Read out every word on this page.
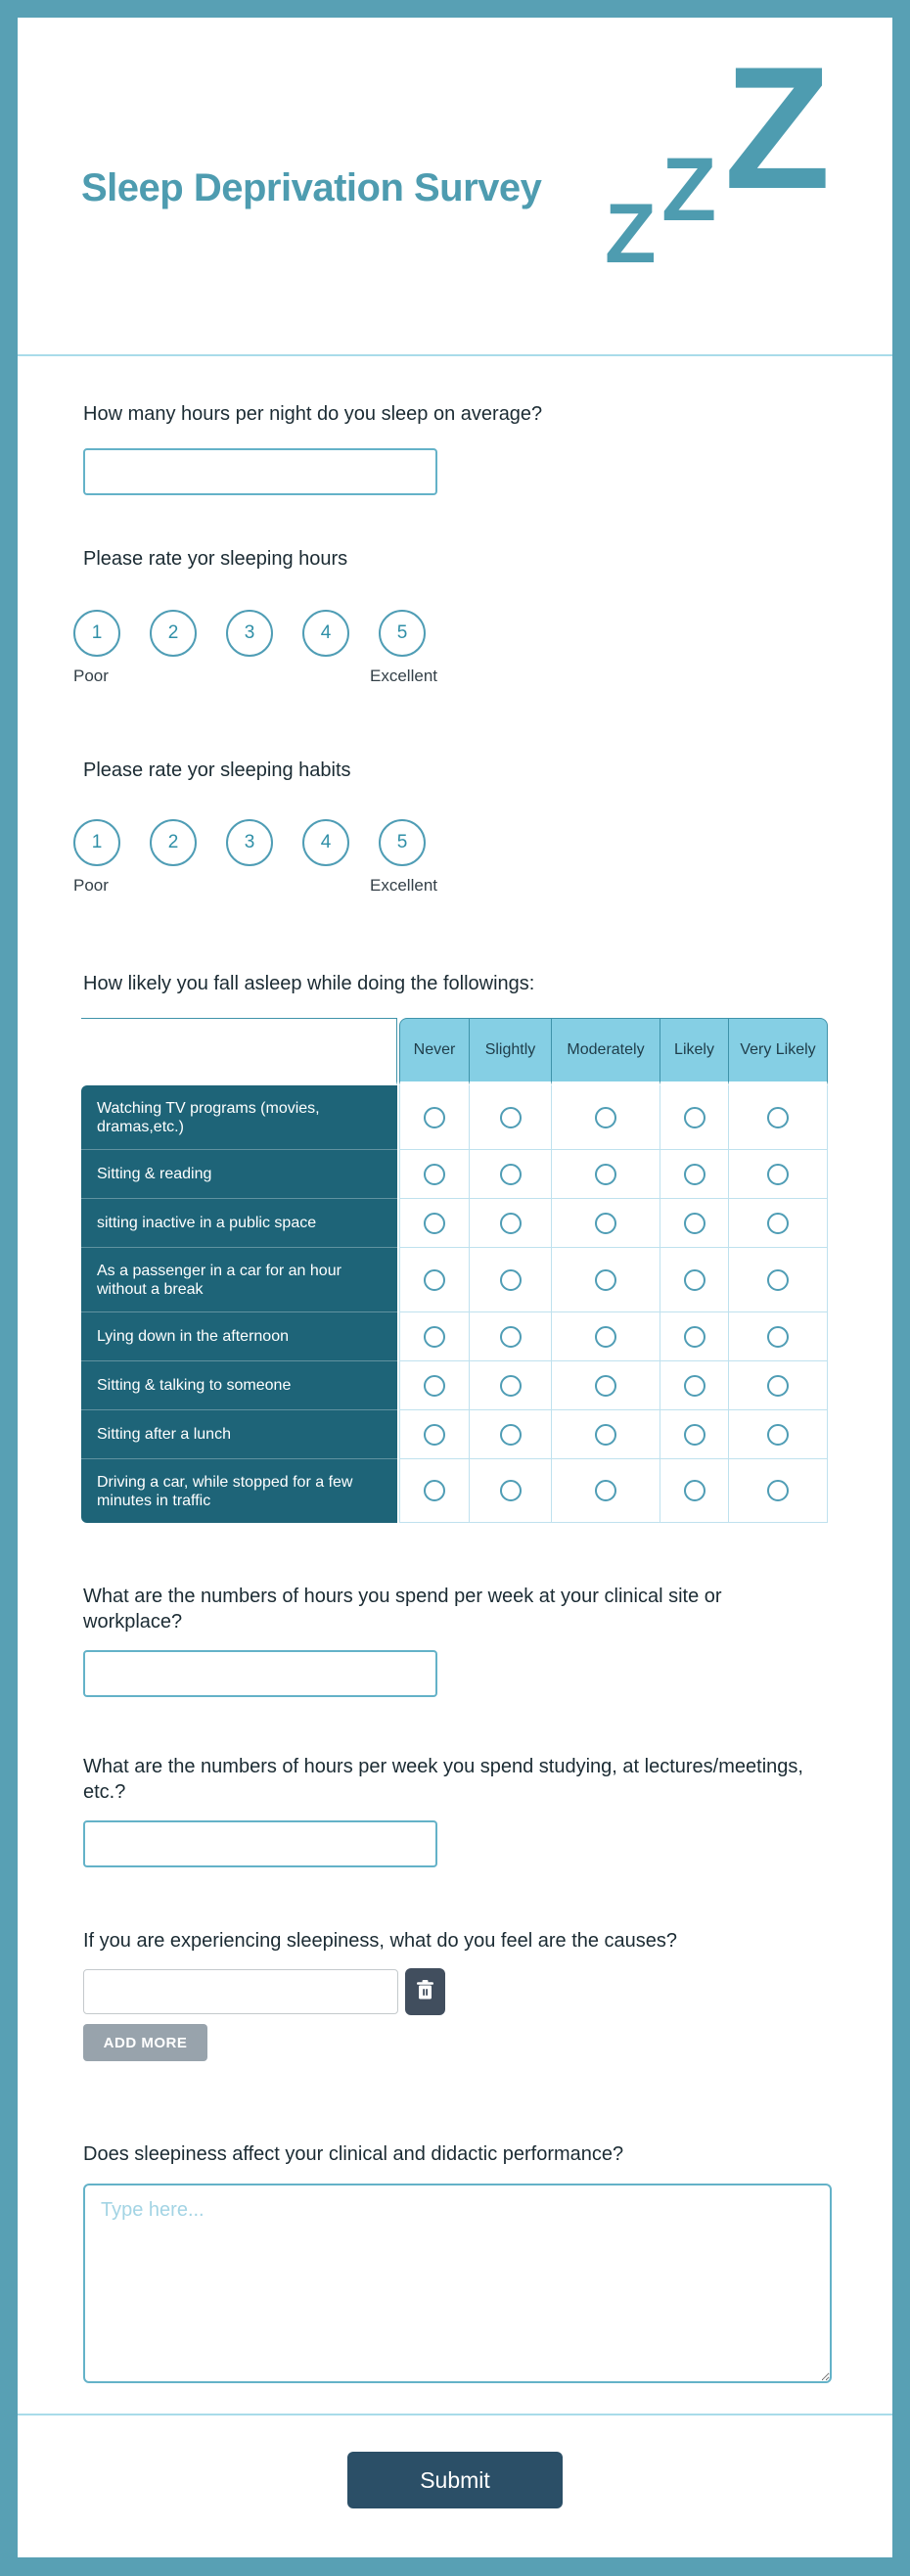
Sleep Deprivation Survey Z Z Z
How many hours per night do you sleep on average?
Please rate yor sleeping hours
1	2	3	4	5
Poor	Excellent
Please rate yor sleeping habits
1	2	3	4	5
Poor	Excellent
How likely you fall asleep while doing the followings:
Never	Slightly	Moderately	Likely	Very Likely
Watching TV programs (movies, dramas,etc.)
Sitting & reading
sitting inactive in a public space
As a passenger in a car for an hour without a break
Lying down in the afternoon
Sitting & talking to someone
Sitting after a lunch
Driving a car, while stopped for a few minutes in traffic
What are the numbers of hours you spend per week at your clinical site or workplace?
What are the numbers of hours per week you spend studying, at lectures/meetings, etc.?
If you are experiencing sleepiness, what do you feel are the causes?
ADD MORE
Does sleepiness affect your clinical and didactic performance?
Type here...
Submit
